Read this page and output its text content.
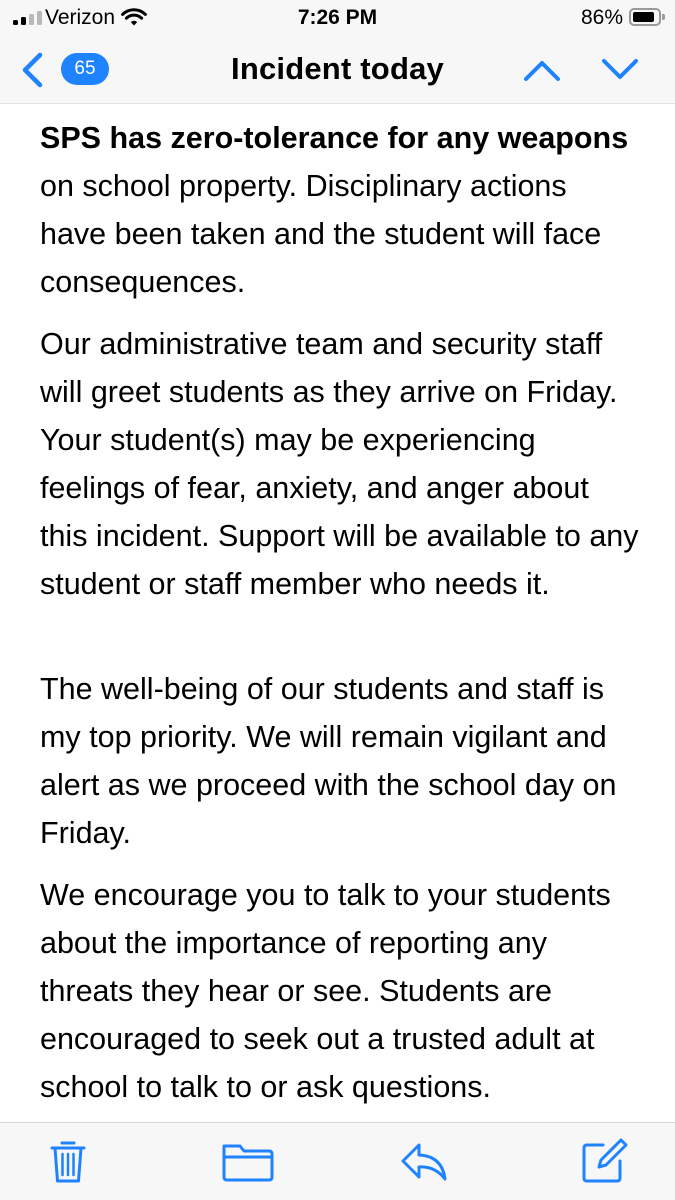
Verizon	7:26 PM	86%
65	Incident today

SPS has zero-tolerance for any weapons on school property. Disciplinary actions have been taken and the student will face consequences.

Our administrative team and security staff will greet students as they arrive on Friday. Your student(s) may be experiencing feelings of fear, anxiety, and anger about this incident. Support will be available to any student or staff member who needs it.

The well-being of our students and staff is my top priority. We will remain vigilant and alert as we proceed with the school day on Friday.

We encourage you to talk to your students about the importance of reporting any threats they hear or see. Students are encouraged to seek out a trusted adult at school to talk to or ask questions.
